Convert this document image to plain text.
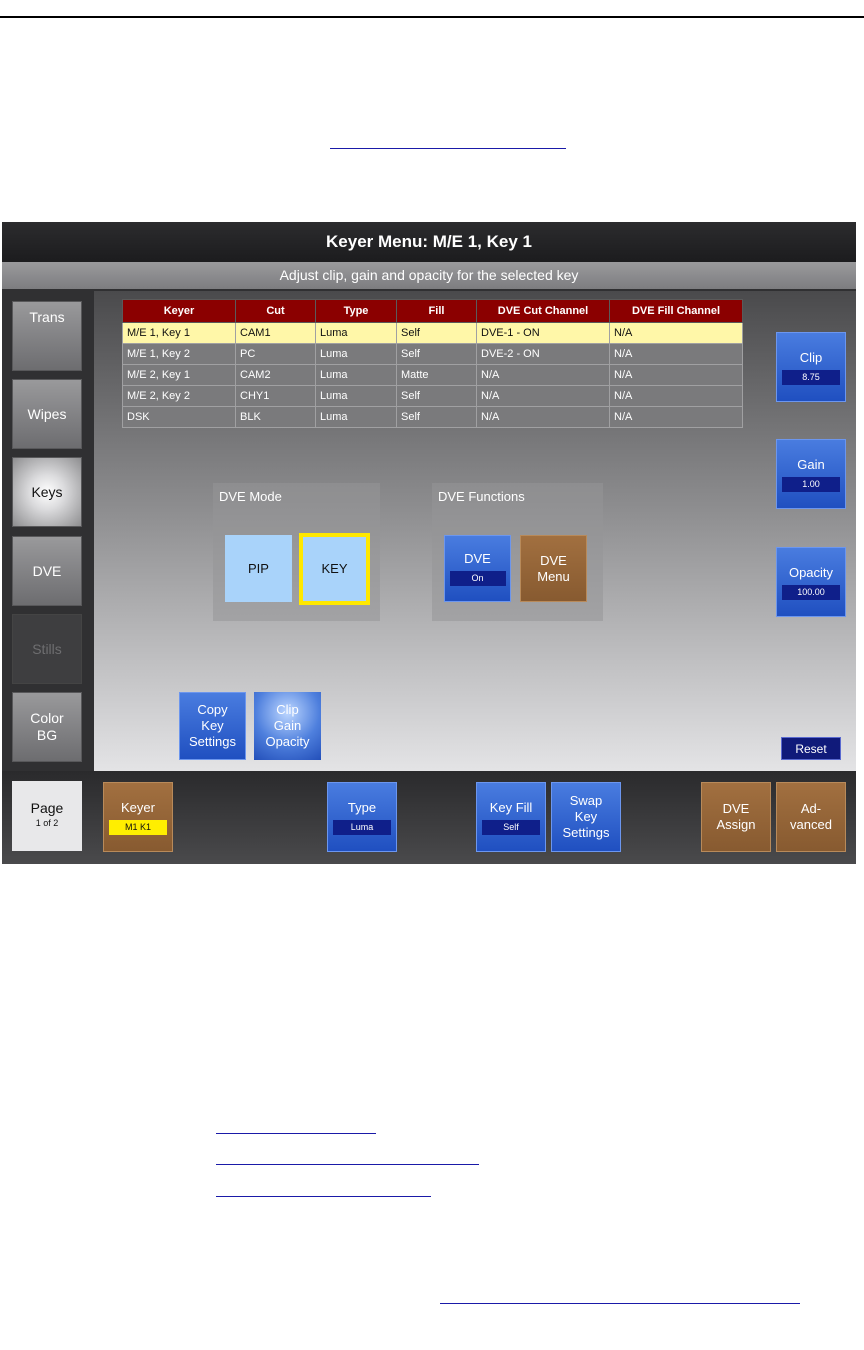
Keyer Menu: M/E 1, Key 1
Adjust clip, gain and opacity for the selected key
Trans
Wipes
Keys
DVE
Stills
Color
BG
Keyer	Cut	Type	Fill	DVE Cut Channel	DVE Fill Channel
M/E 1, Key 1	CAM1	Luma	Self	DVE-1 - ON	N/A
M/E 1, Key 2	PC	Luma	Self	DVE-2 - ON	N/A
M/E 2, Key 1	CAM2	Luma	Matte	N/A	N/A
M/E 2, Key 2	CHY1	Luma	Self	N/A	N/A
DSK	BLK	Luma	Self	N/A	N/A
DVE Mode
PIP	KEY
DVE Functions
DVE
On
DVE
Menu
Clip
8.75
Gain
1.00
Opacity
100.00
Copy
Key
Settings
Clip
Gain
Opacity	Reset
Page
1 of 2
Keyer
M1 K1
Type
Luma
Key Fill
Self
Swap
Key
Settings
DVE
Assign
Ad-
vanced
